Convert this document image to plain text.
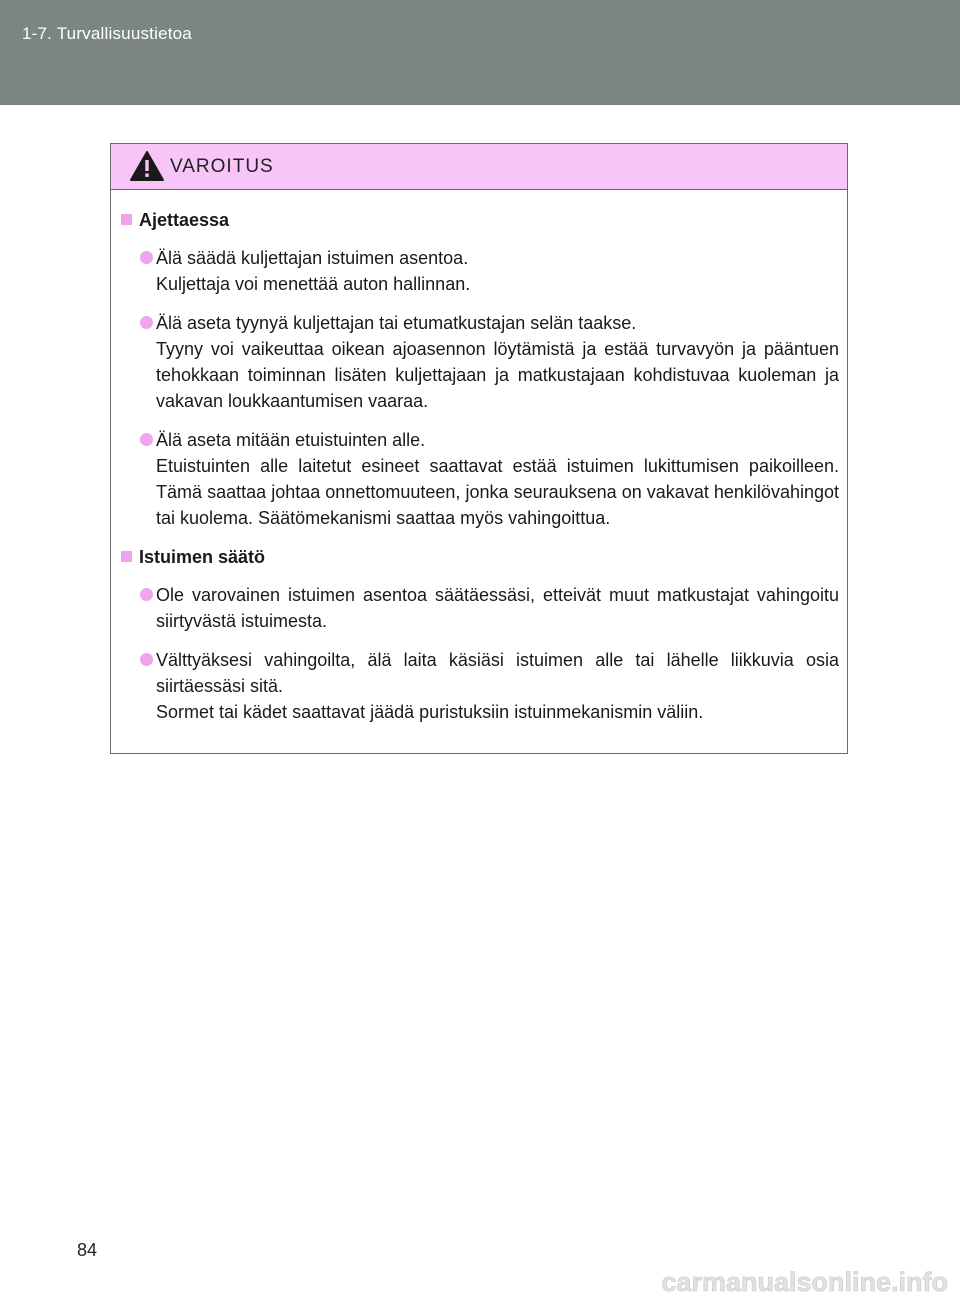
1-7. Turvallisuustietoa
VAROITUS
Ajettaessa

Älä säädä kuljettajan istuimen asentoa.

Kuljettaja voi menettää auton hallinnan.

Älä aseta tyynyä kuljettajan tai etumatkustajan selän taakse.

Tyyny voi vaikeuttaa oikean ajoasennon löytämistä ja estää turvavyön ja pääntuen tehokkaan toiminnan lisäten kuljettajaan ja matkustajaan kohdistuvaa kuoleman ja vakavan loukkaantumisen vaaraa.

Älä aseta mitään etuistuinten alle.

Etuistuinten alle laitetut esineet saattavat estää istuimen lukittumisen paikoilleen. Tämä saattaa johtaa onnettomuuteen, jonka seurauksena on vakavat henkilövahingot tai kuolema. Säätömekanismi saattaa myös vahingoittua.

Istuimen säätö

Ole varovainen istuimen asentoa säätäessäsi, etteivät muut matkustajat vahingoitu siirtyvästä istuimesta.

Välttyäksesi vahingoilta, älä laita käsiäsi istuimen alle tai lähelle liikkuvia osia siirtäessäsi sitä.

Sormet tai kädet saattavat jäädä puristuksiin istuinmekanismin väliin.

84
carmanualsonline.info
